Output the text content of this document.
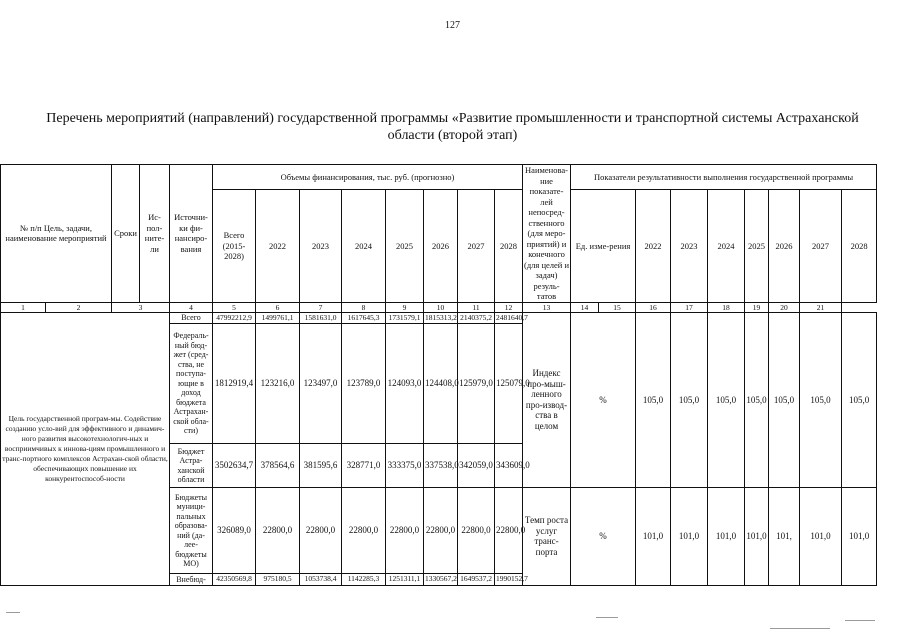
127
Перечень мероприятий (направлений) государственной программы «Развитие промышленности и транспортной системы Астраханской области (второй этап)
№ п/п Цель, задачи, наименование мероприятий		Сроки	Ис-пол-ните-ли	Источни-ки фи-нансиро-вания	Объемы финансирования, тыс. руб. (прогнозно)								Наименова-ние показате-лей непосред-ственного (для меро-приятий) и конечного (для целей и задач) резуль-татов	Показатели результативности выполнения государственной программы								
					Всего (2015-2028)	2022	2023	2024	2025	2026	2027	2028		Ед. изме-рения		2022	2023	2024	2025	2026	2027	2028
1	2	3		4	5	6	7	8	9	10	11	12	13	14	15	16	17	18	19	20	21	
Цель государственной програм-мы. Содействие созданию усло-вий для эффективного и динамич-ного развития высокотехнологич-ных и восприимчивых к иннова-циям промышленного и транс-портного комплексов Астрахан-ской области, обеспечивающих повышение их конкурентоспособ-ности				Всего	47992212,9	1499761,1	1581631,0	1617645,3	1731579,1	1815313,2	2140375,2	2481640,7	Индекс про-мыш-ленного про-извод-ства в целом	%		105,0	105,0	105,0	105,0	105,0	105,0	105,0
				Федераль-ный бюд-жет (сред-ства, не поступа-ющие в доход бюджета Астрахан-ской обла-сти)	1812919,4	123216,0	123497,0	123789,0	124093,0	124408,0	125979,0	125079,0										
				Бюджет Астра-ханской области	3502634,7	378564,6	381595,6	328771,0	333375,0	337538,0	342059,0	343609,0										
				Бюджеты муници-пальных образова-ний (да-лее-бюджеты МО)	326089,0	22800,0	22800,0	22800,0	22800,0	22800,0	22800,0	22800,0	Темп роста услуг транс-порта	%		101,0	101,0	101,0	101,0	101,	101,0	101,0
				Внебюд-	42350569,8	975180,5	1053738,4	1142285,3	1251311,1	1330567,2	1649537,2	1990152,7										
